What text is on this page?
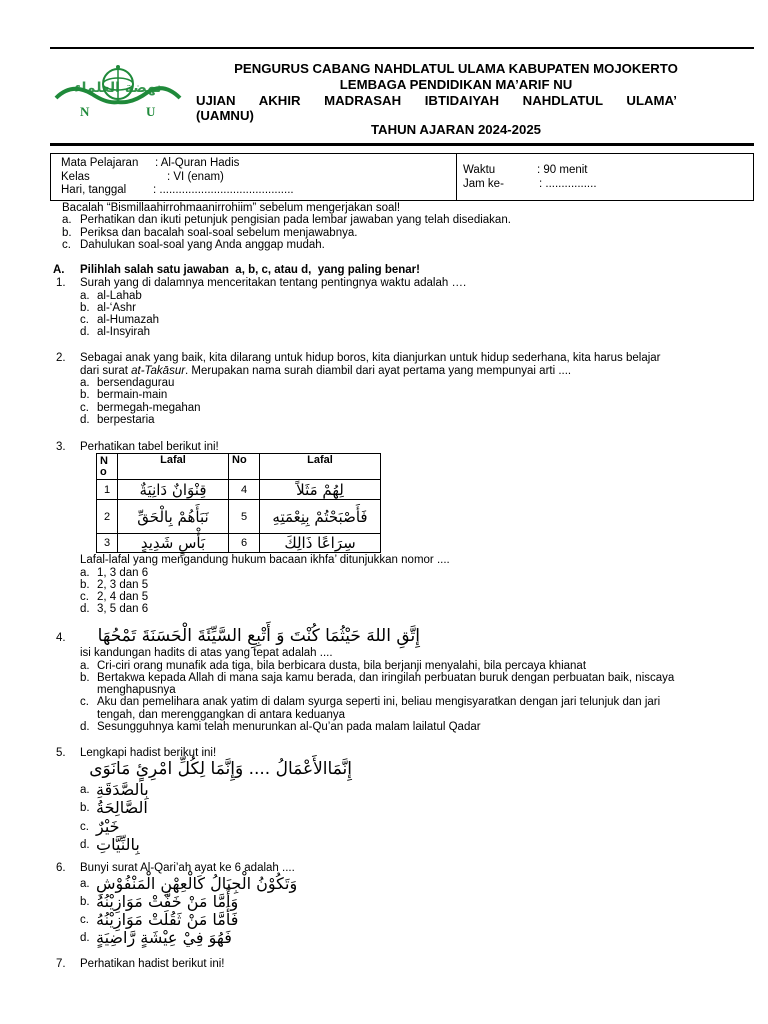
نهضة العلماء
N	U
PENGURUS CABANG NAHDLATUL ULAMA KABUPATEN MOJOKERTO
LEMBAGA PENDIDIKAN MA’ARIF NU
UJIAN AKHIR MADRASAH IBTIDAIYAH NAHDLATUL ULAMA’
(UAMNU)
TAHUN AJARAN 2024-2025
Mata Pelajaran : Al-Quran Hadis
Kelas	: VI (enam)
Hari, tanggal : ..........................................
Waktu	: 90 menit
Jam ke-	: ................
Bacalah “Bismillaahirrohmaanirrohiim” sebelum mengerjakan soal!
a. Perhatikan dan ikuti petunjuk pengisian pada lembar jawaban yang telah disediakan.
b. Periksa dan bacalah soal-soal sebelum menjawabnya.
c. Dahulukan soal-soal yang Anda anggap mudah.
A. Pilihlah salah satu jawaban  a, b, c, atau d,  yang paling benar!
1. Surah yang di dalamnya menceritakan tentang pentingnya waktu adalah ….
a. al-Lahab
b. al-‘Ashr
c. al-Humazah
d. al-Insyirah
2. Sebagai anak yang baik, kita dilarang untuk hidup boros, kita dianjurkan untuk hidup sederhana, kita harus belajar
dari surat at-Takāsur. Merupakan nama surah diambil dari ayat pertama yang mempunyai arti ....
a. bersendagurau
b. bermain-main
c. bermegah-megahan
d. berpestaria
3. Perhatikan tabel berikut ini!
N
o	Lafal	No	Lafal
1	قِنْوَانٌ دَانِيَةٌ	4	لِهُمْ مَثَلاً
2	نَبَأَهُمْ بِالْحَقِّ	5	فَأَصْبَحْتُمْ بِنِعْمَتِهِ
3	بَأْسٍ شَدِيدٍ	6	سِرَاعًا ذَالِكَ
Lafal-lafal yang mengandung hukum bacaan ikhfa’ ditunjukkan nomor ....
a. 1, 3 dan 6
b. 2, 3 dan 5
c. 2, 4 dan 5
d. 3, 5 dan 6
4.	إِتَّقِ اللهَ حَيْثُمَا كُنْتَ وَ أَتْبِعِ السَّيِّئَةَ الْحَسَنَةَ تَمْحُهَا
isi kandungan hadits di atas yang tepat adalah ....
a. Cri-ciri orang munafik ada tiga, bila berbicara dusta, bila berjanji menyalahi, bila percaya khianat
b. Bertakwa kepada Allah di mana saja kamu berada, dan iringilah perbuatan buruk dengan perbuatan baik, niscaya
menghapusnya
c. Aku dan pemelihara anak yatim di dalam syurga seperti ini, beliau mengisyaratkan dengan jari telunjuk dan jari
tengah, dan merenggangkan di antara keduanya
d. Sesungguhnya kami telah menurunkan al-Qu’an pada malam lailatul Qadar
5. Lengkapi hadist berikut ini!
إِنَّمَاالأَعْمَالُ .... وَإِنَّمَا لِكُلِّ امْرِئٍ مَانَوَى
a. بِالصَّدَقَةِ
b. الصَّالِحَةُ
c. خَيْرٌ
d. بِالنِّيَّاتِ
6. Bunyi surat Al-Qari’ah ayat ke 6 adalah ....
a. وَتَكُوْنُ الْجِبَالُ كَالْعِهْنِ الْمَنْفُوْشِ
b. وَأَمَّا مَنْ خَفَّتْ مَوَازِيْنُهُ
c. فَأَمَّا مَنْ ثَقُلَتْ مَوَازِيْنُهُ
d. فَهُوَ فِيْ عِيْشَةٍ رَّاضِيَةٍ
7. Perhatikan hadist berikut ini!
